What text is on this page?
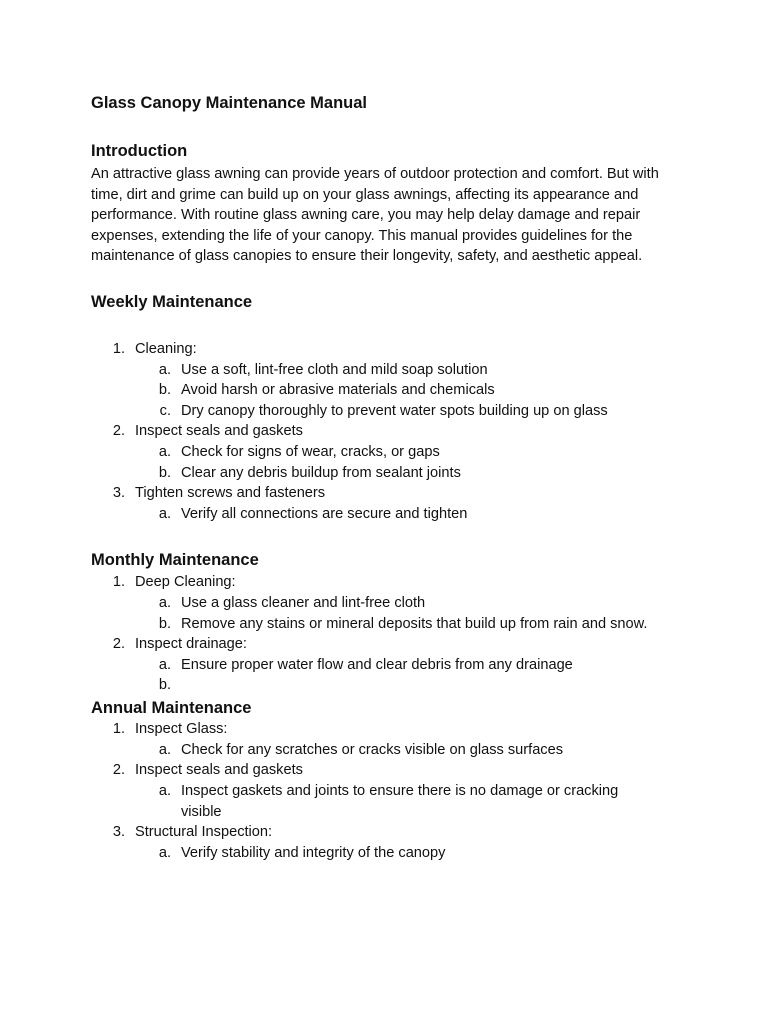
Glass Canopy Maintenance Manual
Introduction

An attractive glass awning can provide years of outdoor protection and comfort. But with time, dirt and grime can build up on your glass awnings, affecting its appearance and performance. With routine glass awning care, you may help delay damage and repair expenses, extending the life of your canopy. This manual provides guidelines for the maintenance of glass canopies to ensure their longevity, safety, and aesthetic appeal.

Weekly Maintenance
1. Cleaning:
a. Use a soft, lint-free cloth and mild soap solution
b. Avoid harsh or abrasive materials and chemicals
c. Dry canopy thoroughly to prevent water spots building up on glass
2. Inspect seals and gaskets
a. Check for signs of wear, cracks, or gaps
b. Clear any debris buildup from sealant joints
3. Tighten screws and fasteners
a. Verify all connections are secure and tighten
Monthly Maintenance
1. Deep Cleaning:
a. Use a glass cleaner and lint-free cloth
b. Remove any stains or mineral deposits that build up from rain and snow.
2. Inspect drainage:
a. Ensure proper water flow and clear debris from any drainage
b.
Annual Maintenance
1. Inspect Glass:
a. Check for any scratches or cracks visible on glass surfaces
2. Inspect seals and gaskets
a. Inspect gaskets and joints to ensure there is no damage or cracking visible
3. Structural Inspection:
a. Verify stability and integrity of the canopy
